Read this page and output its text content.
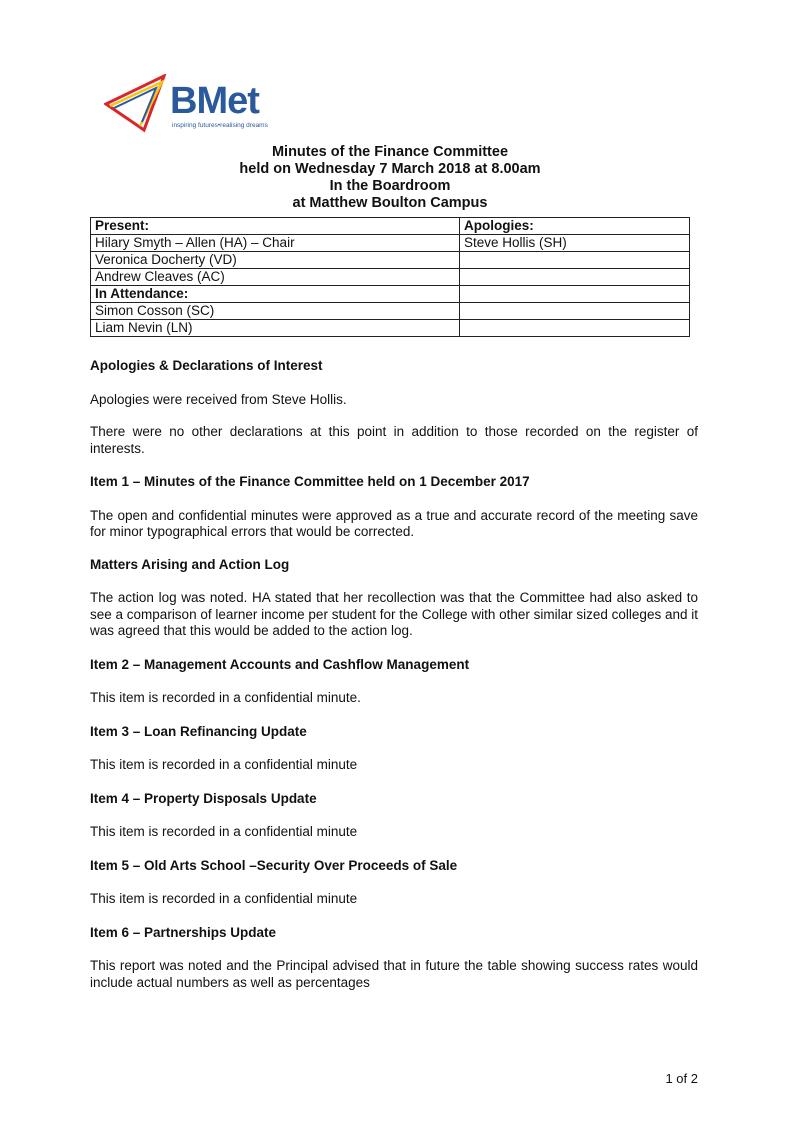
BMet
inspiring futures•realising dreams
Minutes of the Finance Committee
held on Wednesday 7 March 2018 at 8.00am
In the Boardroom
at Matthew Boulton Campus
Present:	Apologies:
Hilary Smyth – Allen (HA) – Chair	Steve Hollis (SH)
Veronica Docherty (VD)	
Andrew Cleaves (AC)	
In Attendance:	
Simon Cosson (SC)	
Liam Nevin (LN)	
Apologies & Declarations of Interest

Apologies were received from Steve Hollis.

There were no other declarations at this point in addition to those recorded on the register of interests.

Item 1 – Minutes of the Finance Committee held on 1 December 2017

The open and confidential minutes were approved as a true and accurate record of the meeting save for minor typographical errors that would be corrected.

Matters Arising and Action Log

The action log was noted. HA stated that her recollection was that the Committee had also asked to see a comparison of learner income per student for the College with other similar sized colleges and it was agreed that this would be added to the action log.

Item 2 – Management Accounts and Cashflow Management

This item is recorded in a confidential minute.

Item 3 – Loan Refinancing Update

This item is recorded in a confidential minute

Item 4 – Property Disposals Update

This item is recorded in a confidential minute

Item 5 – Old Arts School –Security Over Proceeds of Sale

This item is recorded in a confidential minute

Item 6 – Partnerships Update

This report was noted and the Principal advised that in future the table showing success rates would include actual numbers as well as percentages

1 of 2
